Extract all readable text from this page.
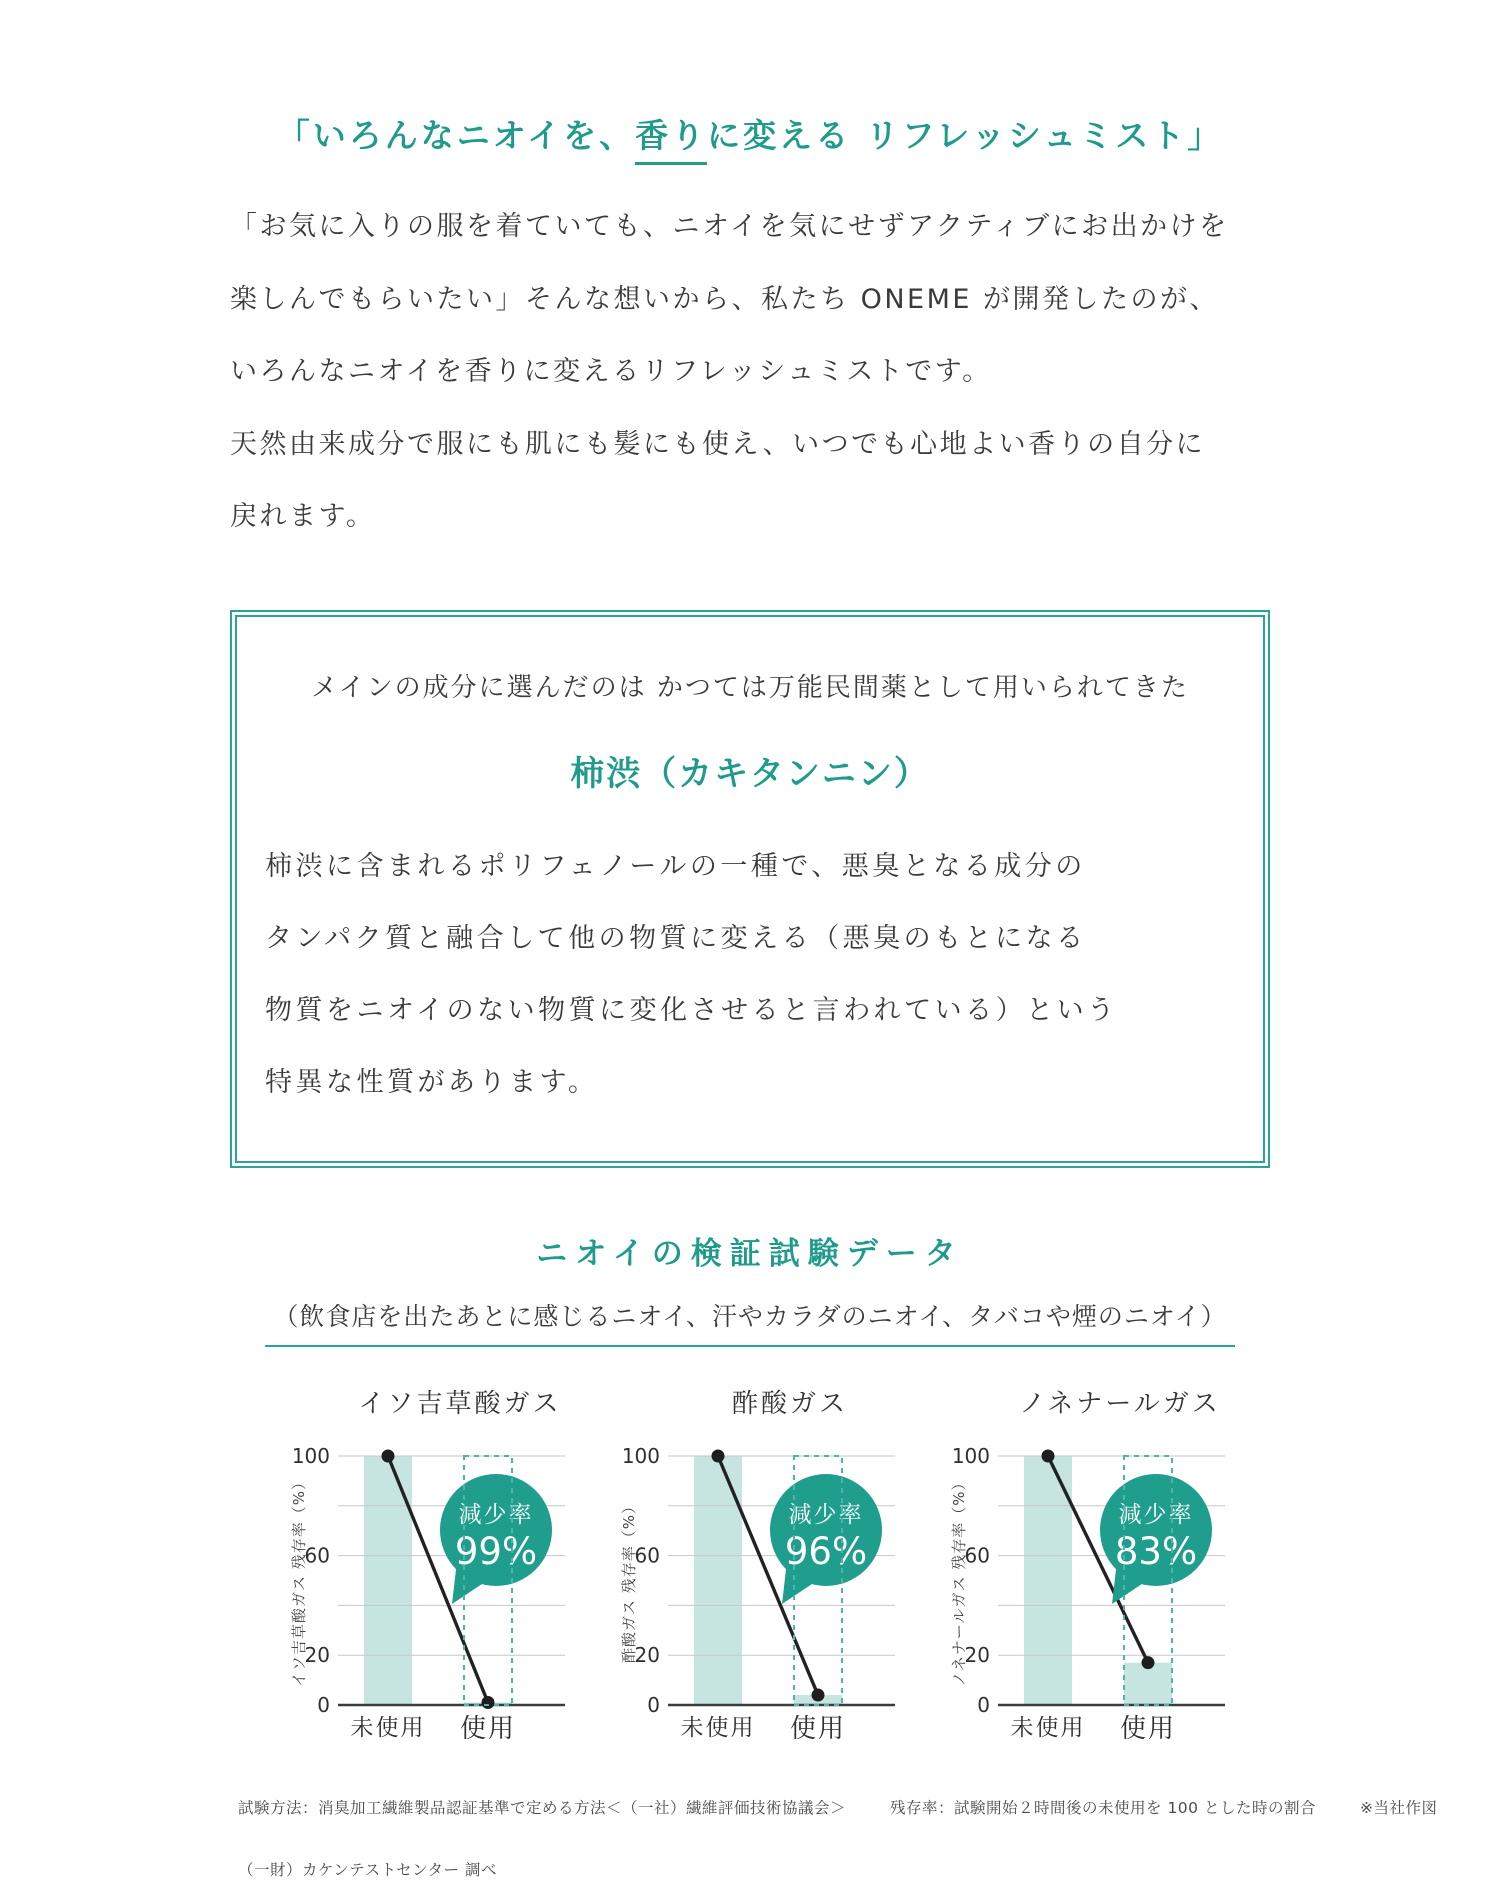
「いろんなニオイを、香りに変える リフレッシュミスト」
「お気に入りの服を着ていても、ニオイを気にせずアクティブにお出かけを
楽しんでもらいたい」そんな想いから、私たち ONEME が開発したのが、
いろんなニオイを香りに変えるリフレッシュミストです。
天然由来成分で服にも肌にも髪にも使え、いつでも心地よい香りの自分に
戻れます。
メインの成分に選んだのは かつては万能民間薬として用いられてきた
柿渋（カキタンニン）
柿渋に含まれるポリフェノールの一種で、悪臭となる成分の
タンパク質と融合して他の物質に変える（悪臭のもとになる
物質をニオイのない物質に変化させると言われている）という
特異な性質があります。
ニオイの検証試験データ
（飲食店を出たあとに感じるニオイ、汗やカラダのニオイ、タバコや煙のニオイ）
イソ吉草酸ガス
100
60
20
0
減少率
99%
未使用 使用
イソ吉草酸ガス 残存率（%）
酢酸ガス
100
60
20
0
減少率
96%
未使用 使用
酢酸ガス 残存率（%）
ノネナールガス
100
60
20
0
減少率
83%
未使用 使用
ノネナールガス 残存率（%）
試験方法：消臭加工繊維製品認証基準で定める方法＜（一社）繊維評価技術協議会＞	残存率：試験開始２時間後の未使用を 100 とした時の割合	※当社作図
（一財）カケンテストセンター 調べ
